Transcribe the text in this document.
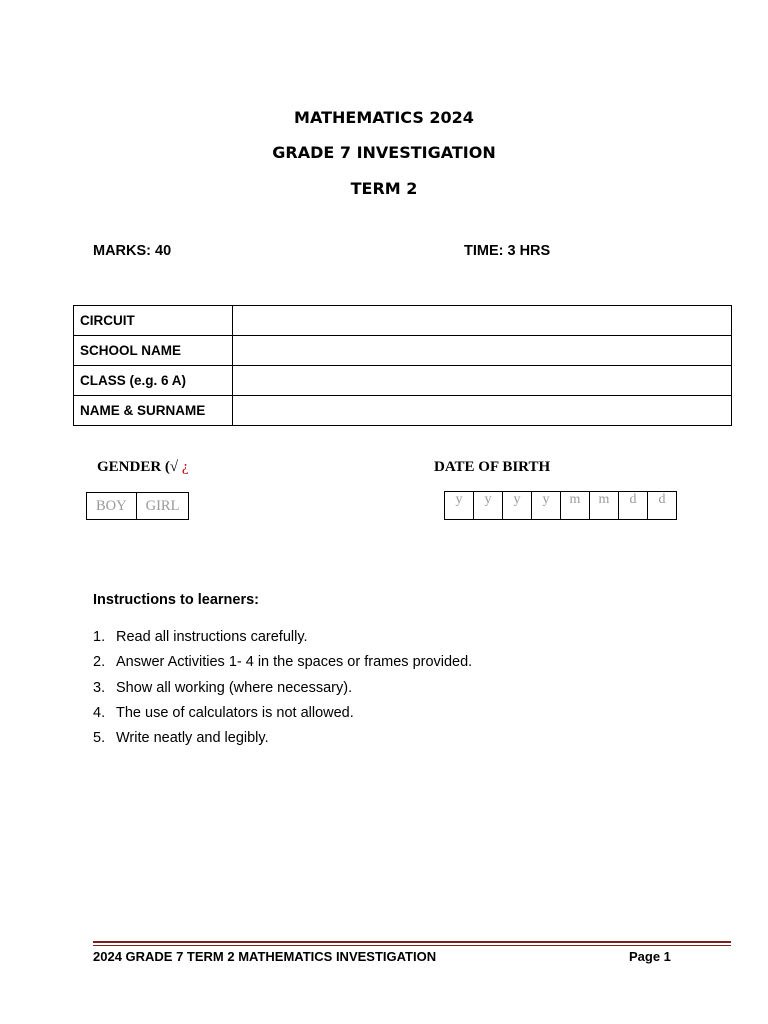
MATHEMATICS 2024
GRADE 7 INVESTIGATION
TERM 2
MARKS: 40	TIME: 3 HRS
CIRCUIT	
SCHOOL NAME	
CLASS (e.g. 6 A)	
NAME & SURNAME	
GENDER (√ ¿	DATE OF BIRTH
BOY	GIRL	y	y	y	y	m	m	d	d
Instructions to learners:
1. Read all instructions carefully.
2. Answer Activities 1- 4 in the spaces or frames provided.
3. Show all working (where necessary).
4. The use of calculators is not allowed.
5. Write neatly and legibly.
2024 GRADE 7 TERM 2 MATHEMATICS INVESTIGATION	Page 1
